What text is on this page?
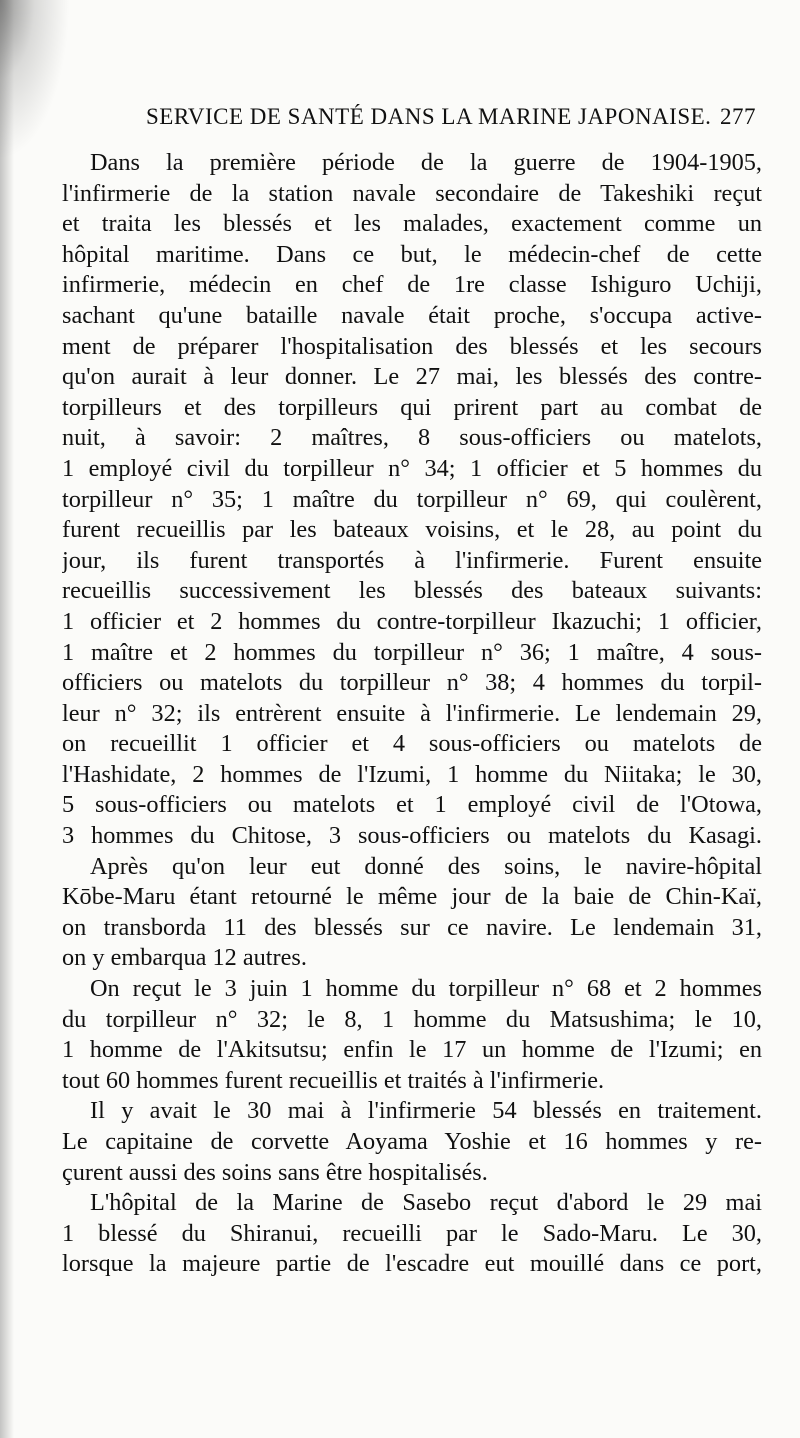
SERVICE DE SANTÉ DANS LA MARINE JAPONAISE. 277
Dans la première période de la guerre de 1904-1905,
l'infirmerie de la station navale secondaire de Takeshiki reçut
et traita les blessés et les malades, exactement comme un
hôpital maritime. Dans ce but, le médecin-chef de cette
infirmerie, médecin en chef de 1re classe Ishiguro Uchiji,
sachant qu'une bataille navale était proche, s'occupa active-
ment de préparer l'hospitalisation des blessés et les secours
qu'on aurait à leur donner. Le 27 mai, les blessés des contre-
torpilleurs et des torpilleurs qui prirent part au combat de
nuit, à savoir: 2 maîtres, 8 sous-officiers ou matelots,
1 employé civil du torpilleur n° 34; 1 officier et 5 hommes du
torpilleur n° 35; 1 maître du torpilleur n° 69, qui coulèrent,
furent recueillis par les bateaux voisins, et le 28, au point du
jour, ils furent transportés à l'infirmerie. Furent ensuite
recueillis successivement les blessés des bateaux suivants:
1 officier et 2 hommes du contre-torpilleur Ikazuchi; 1 officier,
1 maître et 2 hommes du torpilleur n° 36; 1 maître, 4 sous-
officiers ou matelots du torpilleur n° 38; 4 hommes du torpil-
leur n° 32; ils entrèrent ensuite à l'infirmerie. Le lendemain 29,
on recueillit 1 officier et 4 sous-officiers ou matelots de
l'Hashidate, 2 hommes de l'Izumi, 1 homme du Niitaka; le 30,
5 sous-officiers ou matelots et 1 employé civil de l'Otowa,
3 hommes du Chitose, 3 sous-officiers ou matelots du Kasagi.
Après qu'on leur eut donné des soins, le navire-hôpital
Kōbe-Maru étant retourné le même jour de la baie de Chin-Kaï,
on transborda 11 des blessés sur ce navire. Le lendemain 31,
on y embarqua 12 autres.
On reçut le 3 juin 1 homme du torpilleur n° 68 et 2 hommes
du torpilleur n° 32; le 8, 1 homme du Matsushima; le 10,
1 homme de l'Akitsutsu; enfin le 17 un homme de l'Izumi; en
tout 60 hommes furent recueillis et traités à l'infirmerie.
Il y avait le 30 mai à l'infirmerie 54 blessés en traitement.
Le capitaine de corvette Aoyama Yoshie et 16 hommes y re-
çurent aussi des soins sans être hospitalisés.
L'hôpital de la Marine de Sasebo reçut d'abord le 29 mai
1 blessé du Shiranui, recueilli par le Sado-Maru. Le 30,
lorsque la majeure partie de l'escadre eut mouillé dans ce port,
